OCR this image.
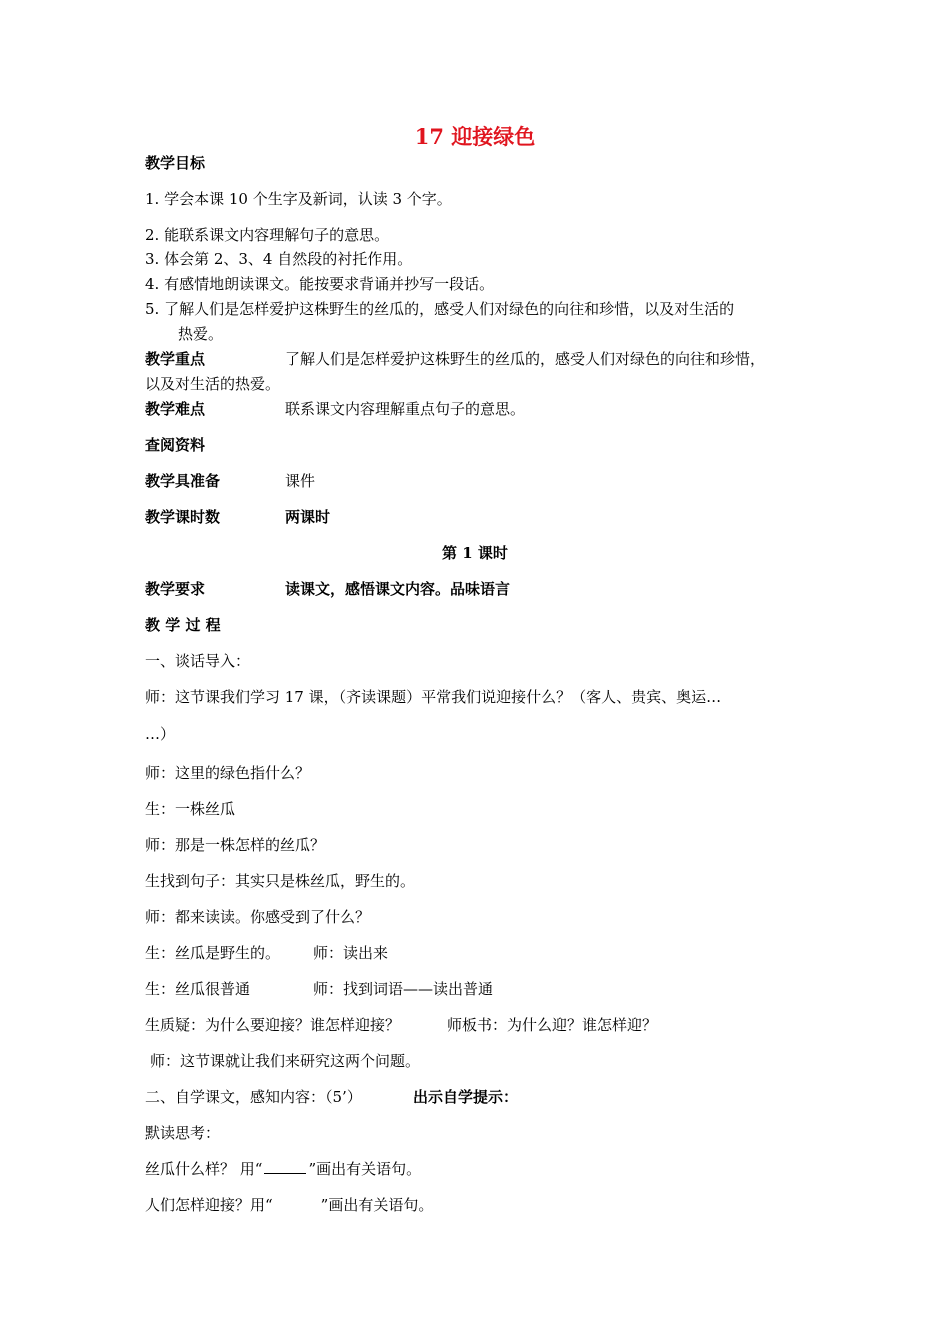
17 迎接绿色
教学目标
1. 学会本课 10 个生字及新词，认读 3 个字。
2. 能联系课文内容理解句子的意思。
3. 体会第 2、3、4 自然段的衬托作用。
4. 有感情地朗读课文。能按要求背诵并抄写一段话。
5. 了解人们是怎样爱护这株野生的丝瓜的，感受人们对绿色的向往和珍惜，以及对生活的
热爱。
教学重点	了解人们是怎样爱护这株野生的丝瓜的，感受人们对绿色的向往和珍惜，
以及对生活的热爱。
教学难点	联系课文内容理解重点句子的意思。
查阅资料
教学具准备	课件
教学课时数	两课时
第 1 课时
教学要求	读课文，感悟课文内容。品味语言
教 学 过 程
一、谈话导入：
师：这节课我们学习 17 课，（齐读课题）平常我们说迎接什么？（客人、贵宾、奥运…
…）
师：这里的绿色指什么？
生：一株丝瓜
师：那是一株怎样的丝瓜？
生找到句子：其实只是株丝瓜，野生的。
师：都来读读。你感受到了什么？
生：丝瓜是野生的。 师：读出来
生：丝瓜很普通	师：找到词语——读出普通
生质疑：为什么要迎接？谁怎样迎接？	师板书：为什么迎？谁怎样迎？
师：这节课就让我们来研究这两个问题。
二、自学课文，感知内容：（5’）	出示自学提示：
默读思考：
丝瓜什么样？ 用“	”画出有关语句。
人们怎样迎接？用“	”画出有关语句。
